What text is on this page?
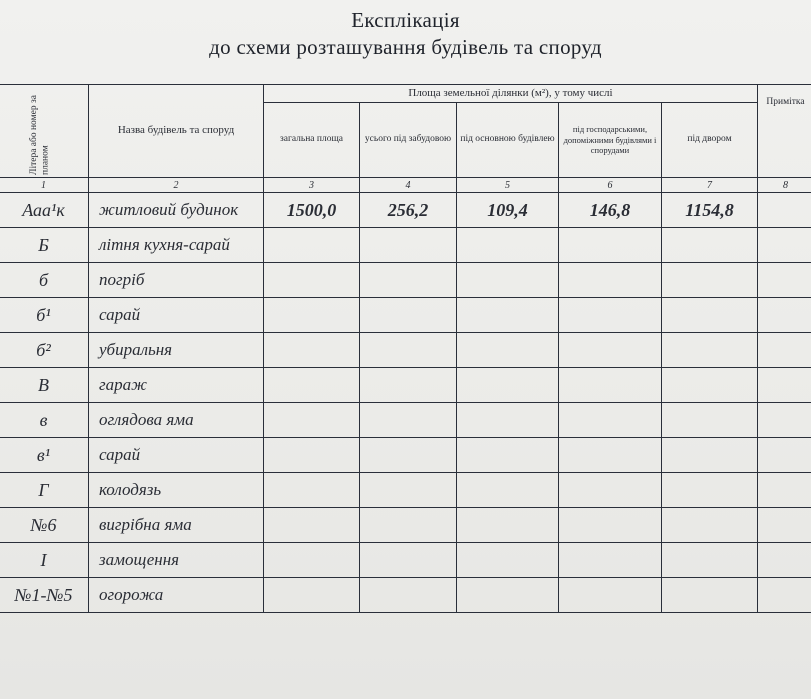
Експлікація
до схеми розташування будівель та споруд
Літера або номер за планом	Назва будівель та споруд	Площа земельної ділянки (м²), у тому числі					Примітка
		загальна площа	усього під забудовою	під основною будівлею	під господарськими, допоміжними будівлями і спорудами	під двором	
1	2	3	4	5	6	7	8
Ааа¹к	житловий будинок	1500,0	256,2	109,4	146,8	1154,8	
Б	літня кухня-сарай						
б	погріб						
б¹	сарай						
б²	убиральня						
В	гараж						
в	оглядова яма						
в¹	сарай						
Г	колодязь						
№6	вигрібна яма						
І	замощення						
№1-№5	огорожа						
